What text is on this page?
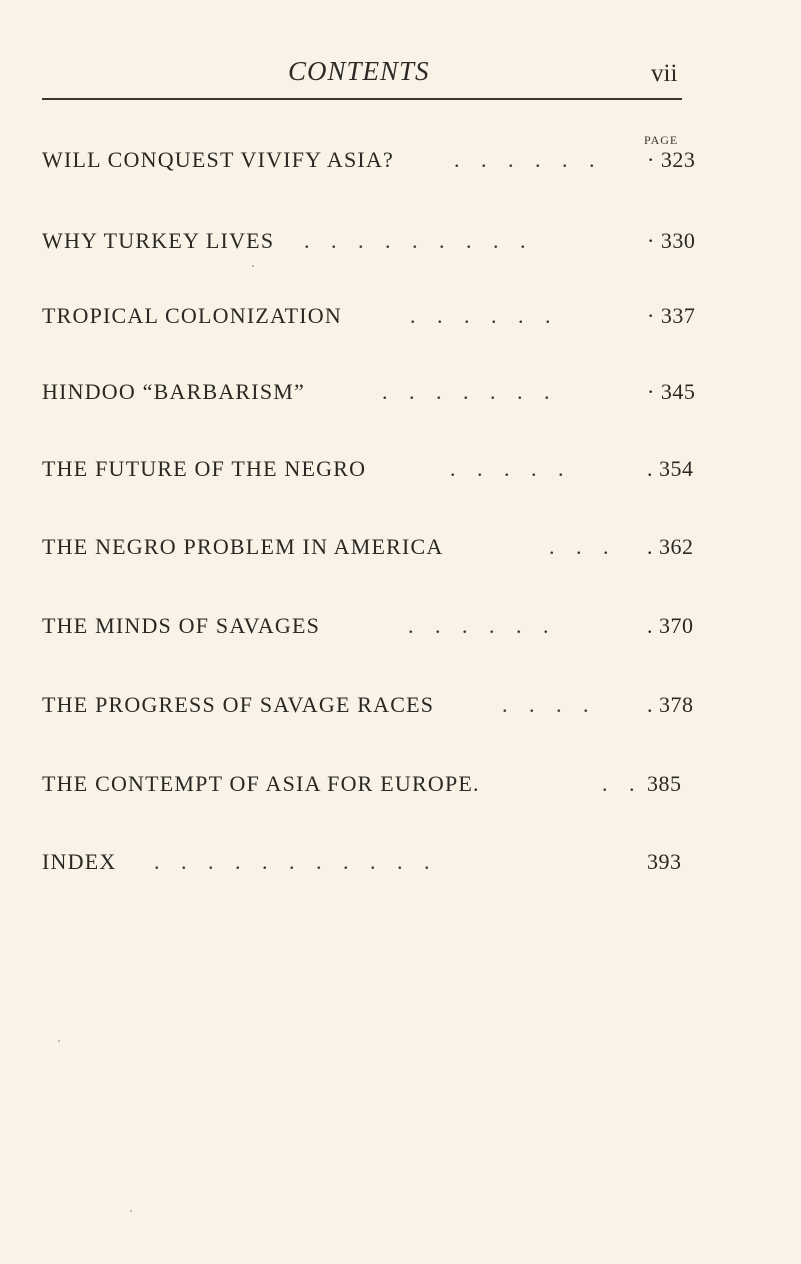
CONTENTS	vii
PAGE
WILL CONQUEST VIVIFY ASIA?	. . . . . . · 323
WHY TURKEY LIVES . . . . . . . . .	· 330
TROPICAL COLONIZATION	. . . . . .	· 337
HINDOO “BARBARISM”	. . . . . . .	· 345
THE FUTURE OF THE NEGRO	. . . . .	. 354
THE NEGRO PROBLEM IN AMERICA	. . . . 362
THE MINDS OF SAVAGES	. . . . . .	. 370
THE PROGRESS OF SAVAGE RACES	. . . . . 378
THE CONTEMPT OF ASIA FOR EUROPE.	. . 385
INDEX . . . . . . . . . . .	393
